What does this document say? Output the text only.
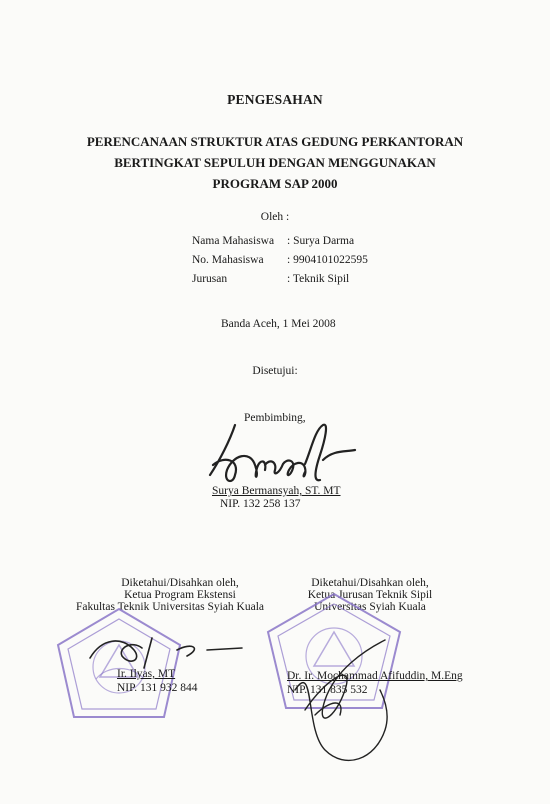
PENGESAHAN
PERENCANAAN STRUKTUR ATAS GEDUNG PERKANTORAN
BERTINGKAT SEPULUH DENGAN MENGGUNAKAN
PROGRAM SAP 2000
Oleh :
Nama Mahasiswa	: Surya Darma
No. Mahasiswa	: 9904101022595
Jurusan	: Teknik Sipil
Banda Aceh, 1 Mei 2008
Disetujui:
Pembimbing,
Surya Bermansyah, ST. MT
NIP. 132 258 137
Diketahui/Disahkan oleh,
Ketua Program Ekstensi
Fakultas Teknik Universitas Syiah Kuala
Ir. Ilyas, MT
NIP. 131 932 844
Diketahui/Disahkan oleh,
Ketua Jurusan Teknik Sipil
Universitas Syiah Kuala
Dr. Ir. Mochammad Afifuddin, M.Eng
NIP. 131 835 532
